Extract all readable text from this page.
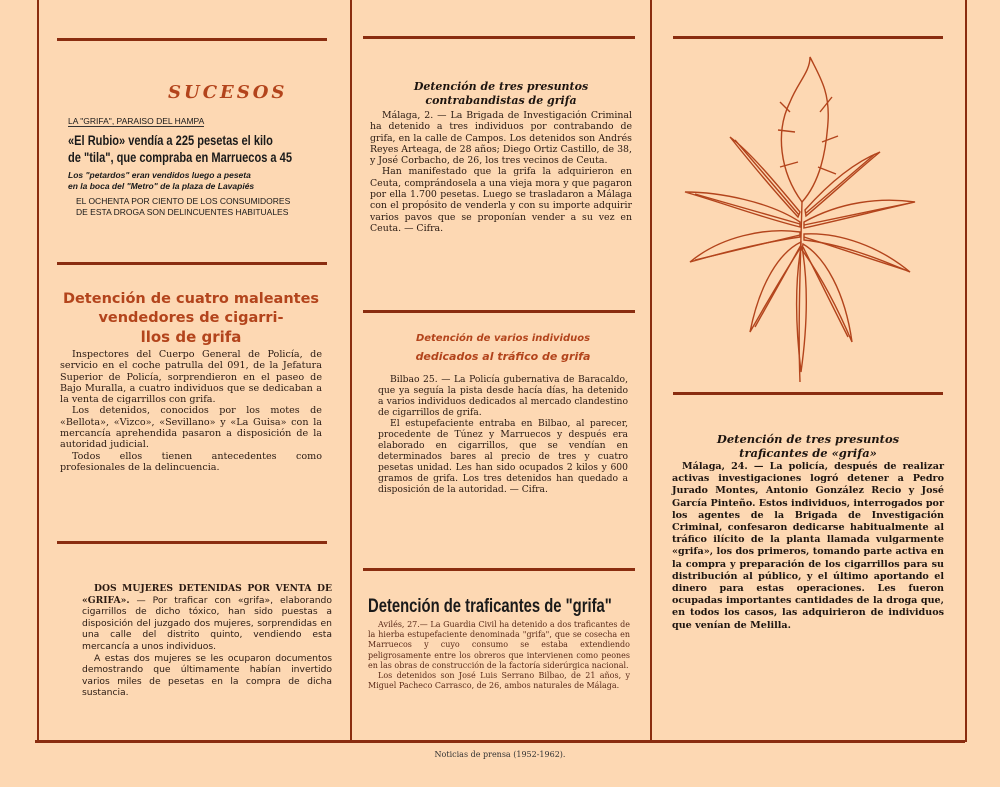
SUCESOS
LA "GRIFA", PARAISO DEL HAMPA
«El Rubio» vendía a 225 pesetas el kilo
de "tila", que compraba en Marruecos a 45
Los "petardos" eran vendidos luego a peseta
en la boca del "Metro" de la plaza de Lavapiés
EL OCHENTA POR CIENTO DE LOS CONSUMIDORES
DE ESTA DROGA SON DELINCUENTES HABITUALES
Detención de cuatro maleantes vendedores de cigarri-
llos de grifa

Inspectores del Cuerpo General de Policía, de servicio en el coche patrulla del 091, de la Jefatura Superior de Policía, sorprendieron en el paseo de Bajo Muralla, a cuatro individuos que se dedicaban a la venta de cigarrillos con grifa.

Los detenidos, conocidos por los motes de «Bellota», «Vizco», «Sevillano» y «La Guisa» con la mercancía aprehendida pasaron a disposición de la autoridad judicial.

Todos ellos tienen antecedentes como profesionales de la delincuencia.

DOS MUJERES DETENIDAS POR VENTA DE «GRIFA». — Por traficar con «grifa», elaborando cigarrillos de dicho tóxico, han sido puestas a disposición del juzgado dos mujeres, sorprendidas en una calle del distrito quinto, vendiendo esta mercancía a unos individuos.

A estas dos mujeres se les ocuparon documentos demostrando que últimamente habían invertido varios miles de pesetas en la compra de dicha sustancia.

Detención de tres presuntos contrabandistas de grifa

Málaga, 2. — La Brigada de Investigación Criminal ha detenido a tres individuos por contrabando de grifa, en la calle de Campos. Los detenidos son Andrés Reyes Arteaga, de 28 años; Diego Ortiz Castillo, de 38, y José Corbacho, de 26, los tres vecinos de Ceuta.

Han manifestado que la grifa la adquirieron en Ceuta, comprándosela a una vieja mora y que pagaron por ella 1.700 pesetas. Luego se trasladaron a Málaga con el propósito de venderla y con su importe adquirir varios pavos que se proponían vender a su vez en Ceuta. — Cifra.

Detención de varios individuos
dedicados al tráfico de grifa

Bilbao 25. — La Policía gubernativa de Baracaldo, que ya seguía la pista desde hacía días, ha detenido a varios individuos dedicados al mercado clandestino de cigarrillos de grifa.

El estupefaciente entraba en Bilbao, al parecer, procedente de Túnez y Marruecos y después era elaborado en cigarrillos, que se vendían en determinados bares al precio de tres y cuatro pesetas unidad. Les han sido ocupados 2 kilos y 600 gramos de grifa. Los tres detenidos han quedado a disposición de la autoridad. — Cifra.

Detención de traficantes de "grifa"

Avilés, 27.— La Guardia Civil ha detenido a dos traficantes de la hierba estupefaciente denominada "grifa", que se cosecha en Marruecos y cuyo consumo se estaba extendiendo peligrosamente entre los obreros que intervienen como peones en las obras de construcción de la factoría siderúrgica nacional.

Los detenidos son José Luis Serrano Bilbao, de 21 años, y Miguel Pacheco Carrasco, de 26, ambos naturales de Málaga.

Detención de tres presuntos
traficantes de «grifa»

Málaga, 24. — La policía, después de realizar activas investigaciones logró detener a Pedro Jurado Montes, Antonio González Recio y José García Pinteño. Estos individuos, interrogados por los agentes de la Brigada de Investigación Criminal, confesaron dedicarse habitualmente al tráfico ilícito de la planta llamada vulgarmente «grifa», los dos primeros, tomando parte activa en la compra y preparación de los cigarrillos para su distribución al público, y el último aportando el dinero para estas operaciones. Les fueron ocupadas importantes cantidades de la droga que, en todos los casos, las adquirieron de individuos que venían de Melilla.

Noticias de prensa (1952-1962).
